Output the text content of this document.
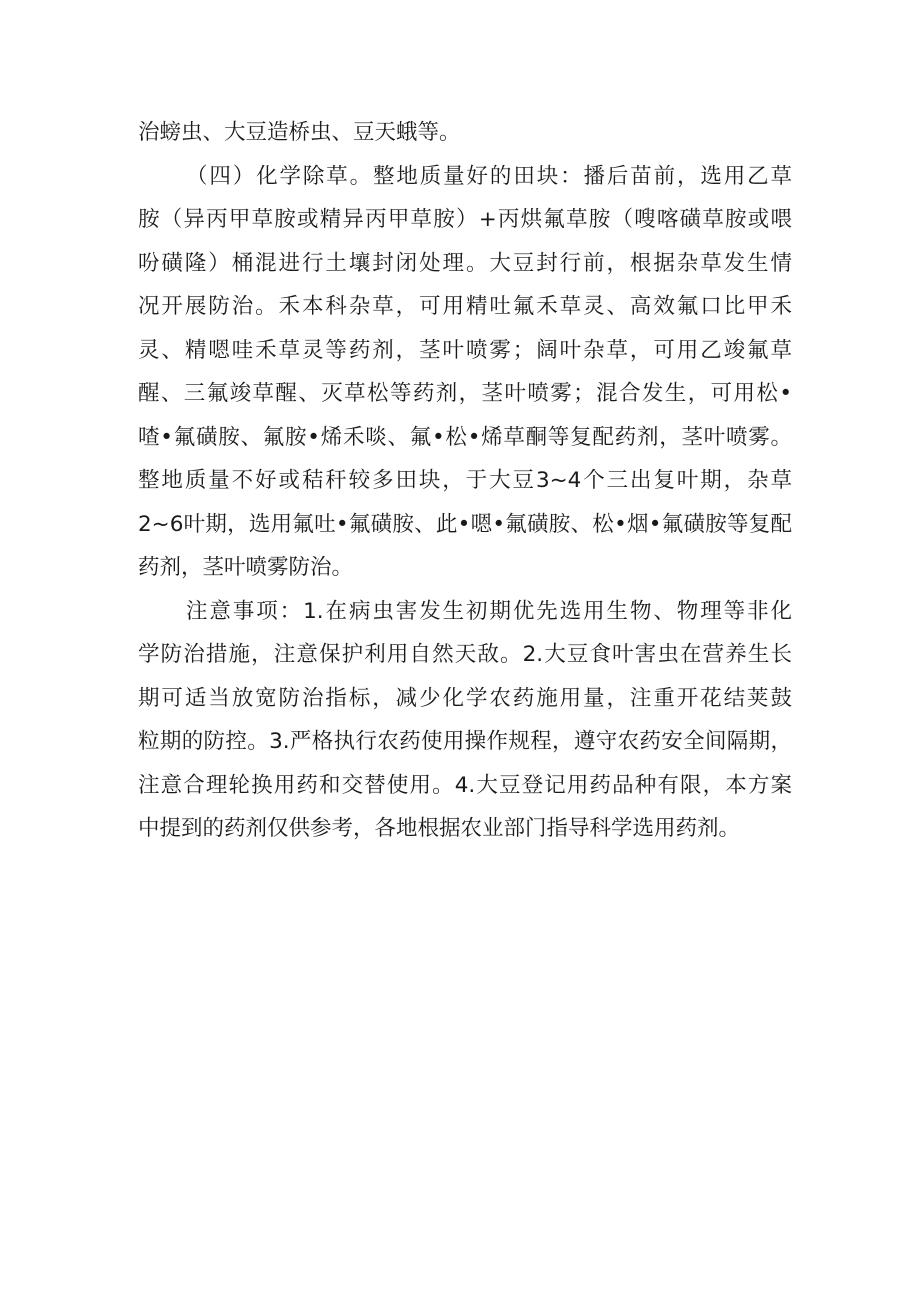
治螃虫、大豆造桥虫、豆天蛾等。
（四）化学除草。整地质量好的田块：播后苗前，选用乙草
胺（异丙甲草胺或精异丙甲草胺）+丙烘氟草胺（嗖喀磺草胺或喂
吩磺隆）桶混进行土壤封闭处理。大豆封行前，根据杂草发生情
况开展防治。禾本科杂草，可用精吐氟禾草灵、高效氟口比甲禾
灵、精嗯哇禾草灵等药剂，茎叶喷雾；阔叶杂草，可用乙竣氟草
醒、三氟竣草醒、灭草松等药剂，茎叶喷雾；混合发生，可用松•
喳•氟磺胺、氟胺•烯禾啖、氟•松•烯草酮等复配药剂，茎叶喷雾。
整地质量不好或秸秆较多田块，于大豆3~4个三出复叶期，杂草
2~6叶期，选用氟吐•氟磺胺、此•嗯•氟磺胺、松•烟•氟磺胺等复配
药剂，茎叶喷雾防治。
注意事项：1.在病虫害发生初期优先选用生物、物理等非化
学防治措施，注意保护利用自然天敌。2.大豆食叶害虫在营养生长
期可适当放宽防治指标，减少化学农药施用量，注重开花结荚鼓
粒期的防控。3.严格执行农药使用操作规程，遵守农药安全间隔期，
注意合理轮换用药和交替使用。4.大豆登记用药品种有限，本方案
中提到的药剂仅供参考，各地根据农业部门指导科学选用药剂。
